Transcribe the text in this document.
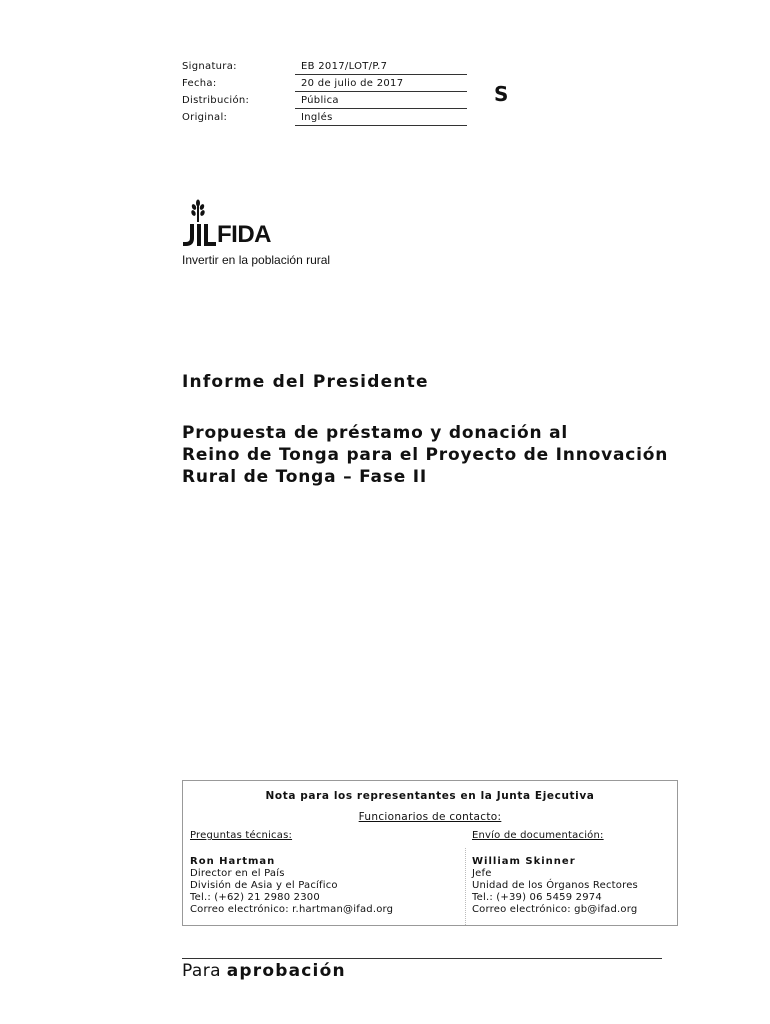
Signatura:	EB 2017/LOT/P.7
Fecha:	20 de julio de 2017
Distribución:	Pública
Original:	Inglés
S
FIDA
Invertir en la población rural
Informe del Presidente
Propuesta de préstamo y donación al
Reino de Tonga para el Proyecto de Innovación
Rural de Tonga – Fase II
Nota para los representantes en la Junta Ejecutiva
Funcionarios de contacto:
Preguntas técnicas:
Ron Hartman
Director en el País
División de Asia y el Pacífico
Tel.: (+62) 21 2980 2300
Correo electrónico: r.hartman@ifad.org
Envío de documentación:
William Skinner
Jefe
Unidad de los Órganos Rectores
Tel.: (+39) 06 5459 2974
Correo electrónico: gb@ifad.org
Para aprobación
